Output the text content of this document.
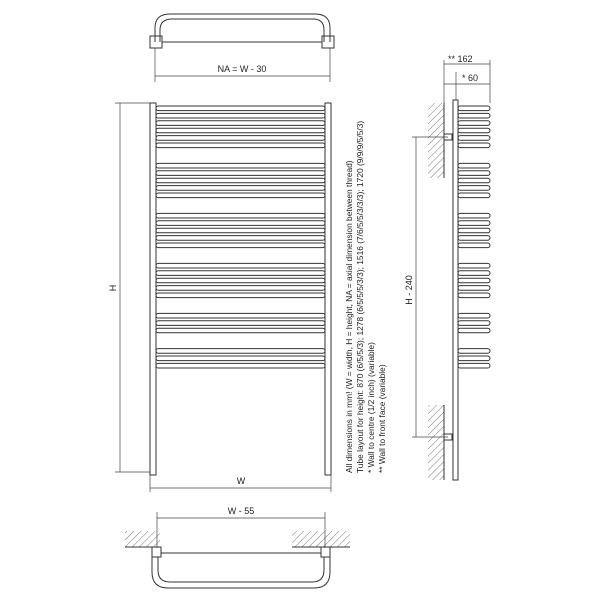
NA = W - 30
H
W
All dimensions in mm! (W = width, H = height, NA = axial dimension between thread) Tube layout for height: 870 (6/5/5/3); 1278 (6/5/5/5/3/3); 1516 (7/6/5/5/3/3/3); 1720 (9/9/9/5/5/3) * Wall to centre (1/2 inch) (variable) ** Wall to front face (variable)
H - 240
** 162
* 60
W - 55
